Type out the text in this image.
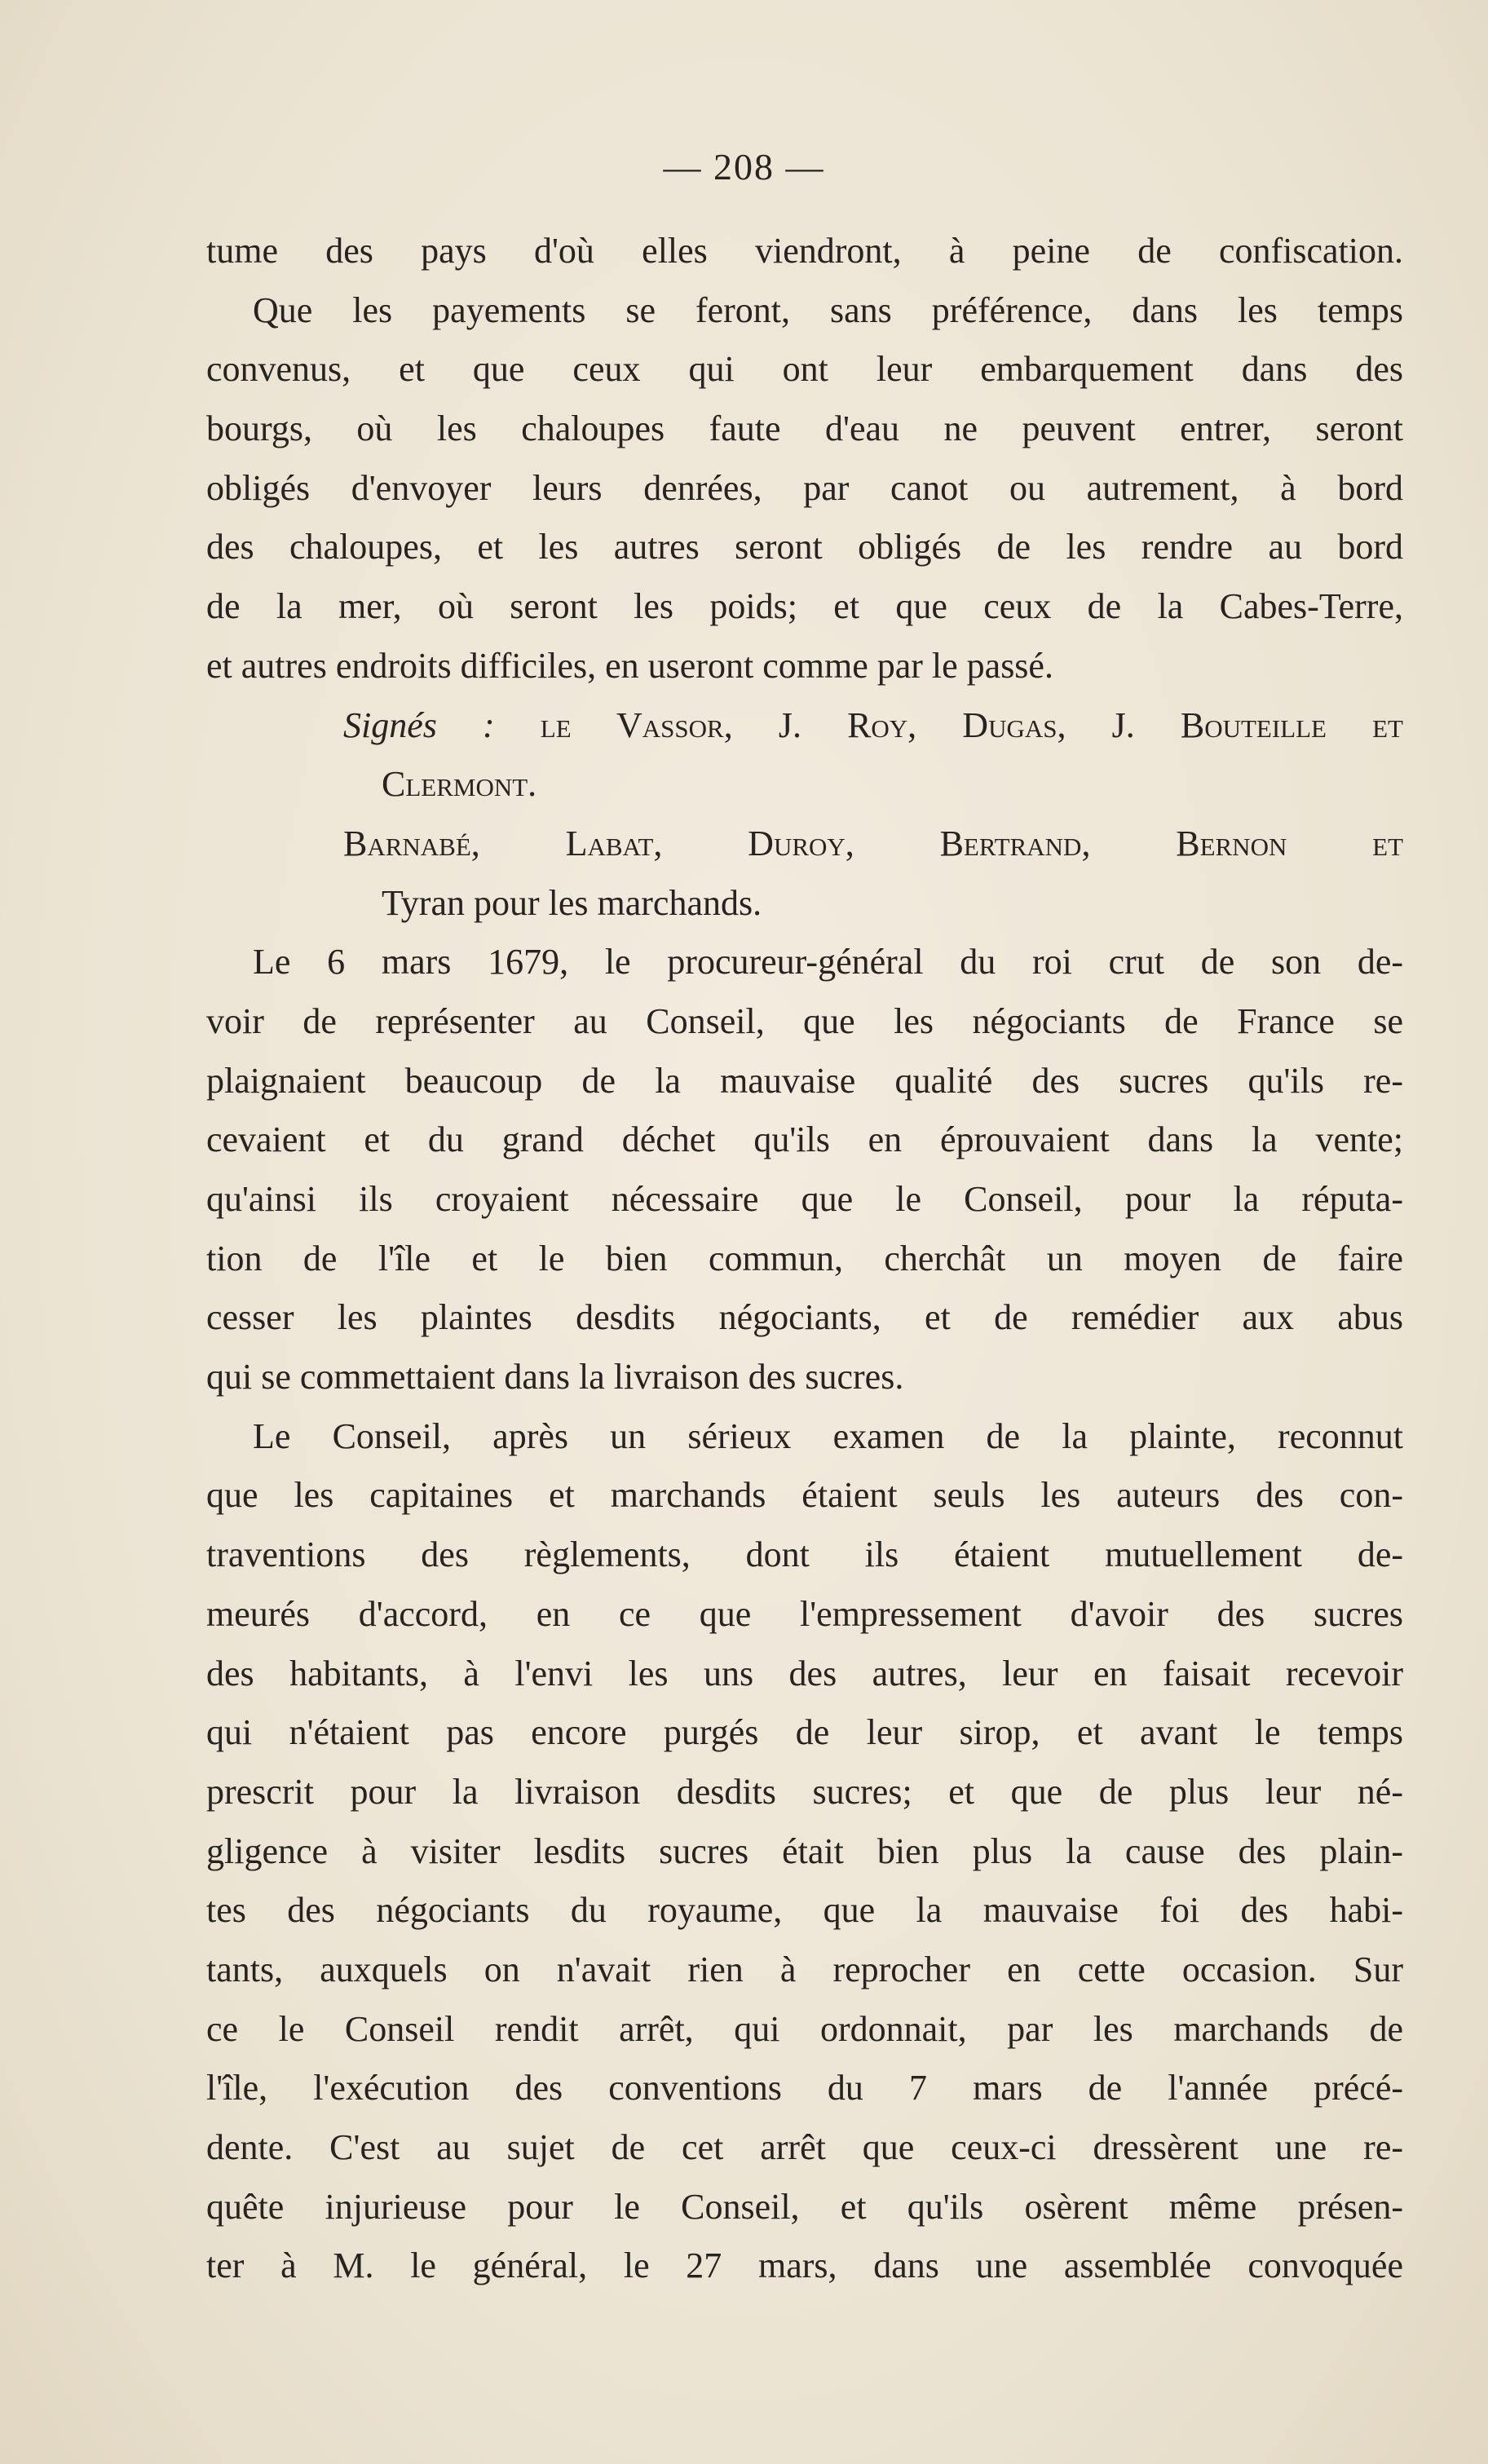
— 208 —
tume des pays d'où elles viendront, à peine de confiscation.
Que les payements se feront, sans préférence, dans les temps
convenus, et que ceux qui ont leur embarquement dans des
bourgs, où les chaloupes faute d'eau ne peuvent entrer, seront
obligés d'envoyer leurs denrées, par canot ou autrement, à bord
des chaloupes, et les autres seront obligés de les rendre au bord
de la mer, où seront les poids; et que ceux de la Cabes-Terre,
et autres endroits difficiles, en useront comme par le passé.
Signés : le Vassor, J. Roy, Dugas, J. Bouteille et
Clermont.
Barnabé, Labat, Duroy, Bertrand, Bernon et
Tyran pour les marchands.
Le 6 mars 1679, le procureur-général du roi crut de son de-
voir de représenter au Conseil, que les négociants de France se
plaignaient beaucoup de la mauvaise qualité des sucres qu'ils re-
cevaient et du grand déchet qu'ils en éprouvaient dans la vente;
qu'ainsi ils croyaient nécessaire que le Conseil, pour la réputa-
tion de l'île et le bien commun, cherchât un moyen de faire
cesser les plaintes desdits négociants, et de remédier aux abus
qui se commettaient dans la livraison des sucres.
Le Conseil, après un sérieux examen de la plainte, reconnut
que les capitaines et marchands étaient seuls les auteurs des con-
traventions des règlements, dont ils étaient mutuellement de-
meurés d'accord, en ce que l'empressement d'avoir des sucres
des habitants, à l'envi les uns des autres, leur en faisait recevoir
qui n'étaient pas encore purgés de leur sirop, et avant le temps
prescrit pour la livraison desdits sucres; et que de plus leur né-
gligence à visiter lesdits sucres était bien plus la cause des plain-
tes des négociants du royaume, que la mauvaise foi des habi-
tants, auxquels on n'avait rien à reprocher en cette occasion. Sur
ce le Conseil rendit arrêt, qui ordonnait, par les marchands de
l'île, l'exécution des conventions du 7 mars de l'année précé-
dente. C'est au sujet de cet arrêt que ceux-ci dressèrent une re-
quête injurieuse pour le Conseil, et qu'ils osèrent même présen-
ter à M. le général, le 27 mars, dans une assemblée convoquée
